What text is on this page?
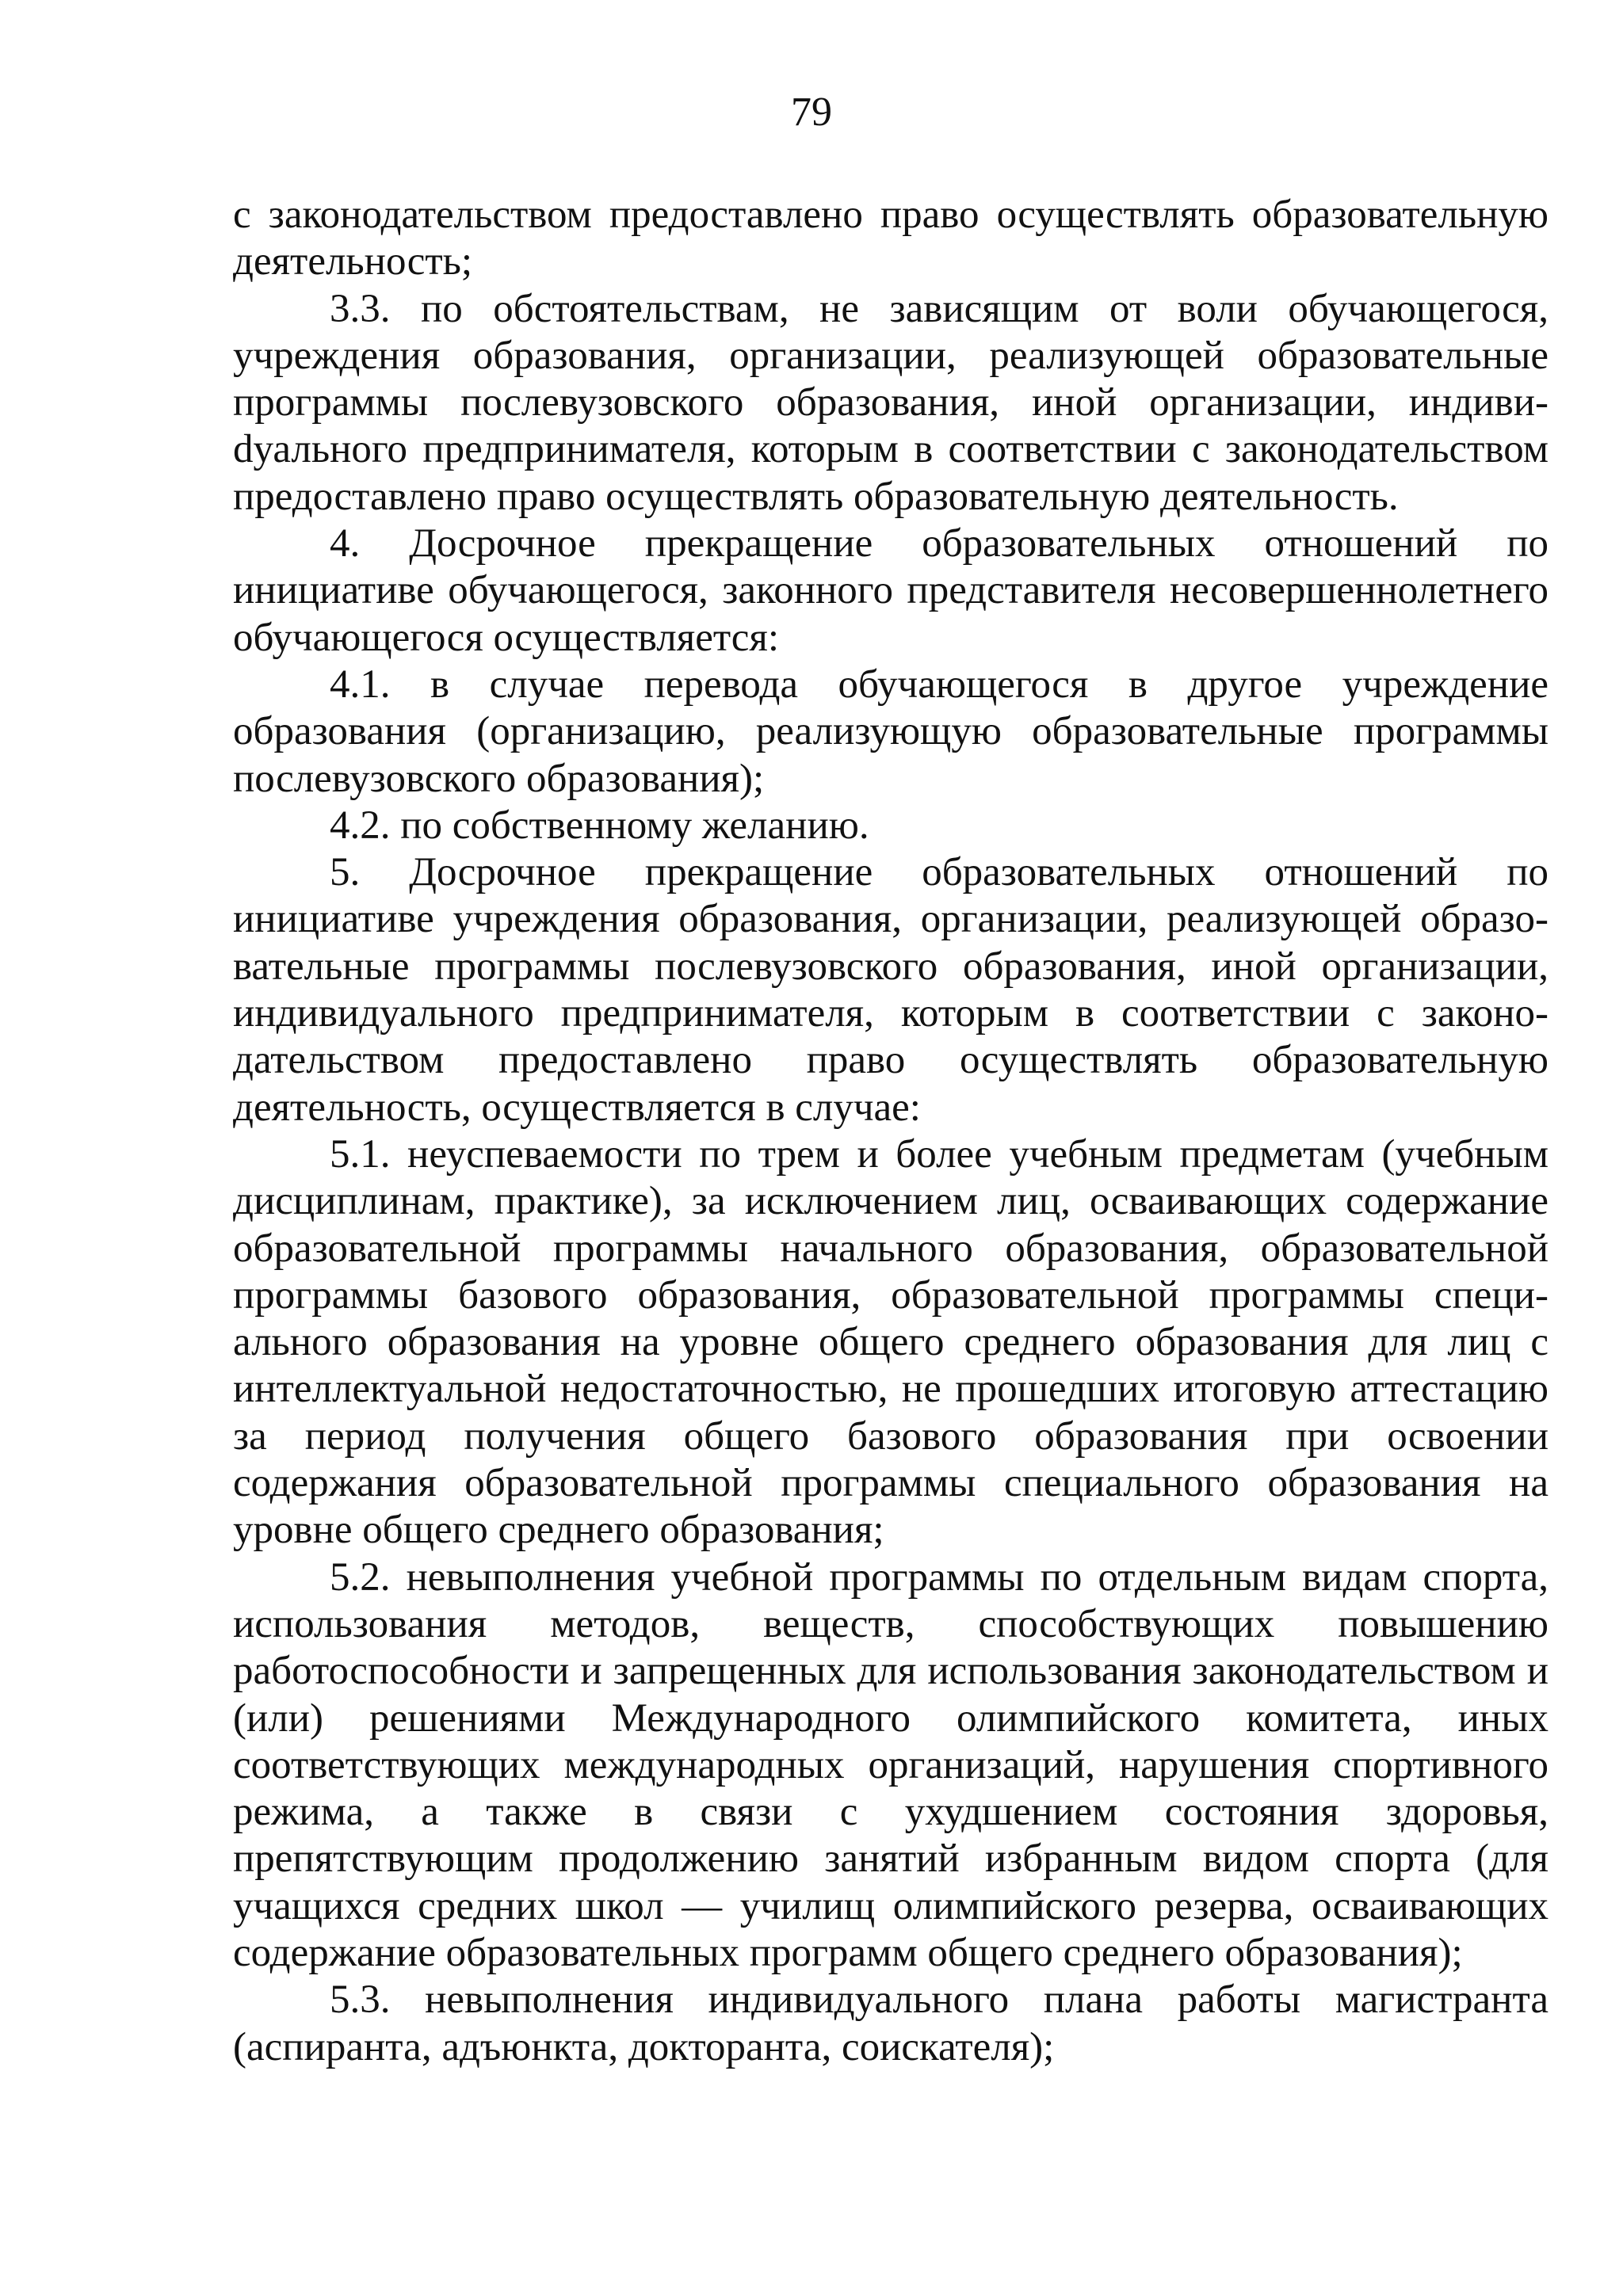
79

с законодательством предоставлено право осуществлять образовательную деятельность;

3.3. по обстоятельствам, не зависящим от воли обучающегося, учреждения образования, организации, реализующей образовательные программы послевузовского образования, иной организации, индивиdуального предпринимателя, которым в соответствии с законодательством предоставлено право осуществлять образовательную деятельность.

4. Досрочное прекращение образовательных отношений по инициативе обучающегося, законного представителя несовершеннолетнего обучающегося осуществляется:

4.1. в случае перевода обучающегося в другое учреждение образования (организацию, реализующую образовательные программы послевузовского образования);

4.2. по собственному желанию.

5. Досрочное прекращение образовательных отношений по инициативе учреждения образования, организации, реализующей образовательные программы послевузовского образования, иной организации, индивидуального предпринимателя, которым в соответствии с законодательством предоставлено право осуществлять образовательную деятельность, осуществляется в случае:

5.1. неуспеваемости по трем и более учебным предметам (учебным дисциплинам, практике), за исключением лиц, осваивающих содержание образовательной программы начального образования, образовательной программы базового образования, образовательной программы специального образования на уровне общего среднего образования для лиц с интеллектуальной недостаточностью, не прошедших итоговую аттестацию за период получения общего базового образования при освоении содержания образовательной программы специального образования на уровне общего среднего образования;

5.2. невыполнения учебной программы по отдельным видам спорта, использования методов, веществ, способствующих повышению работоспособности и запрещенных для использования законодательством и (или) решениями Международного олимпийского комитета, иных соответствующих международных организаций, нарушения спортивного режима, а также в связи с ухудшением состояния здоровья, препятствующим продолжению занятий избранным видом спорта (для учащихся средних школ — училищ олимпийского резерва, осваивающих содержание образовательных программ общего среднего образования);

5.3. невыполнения индивидуального плана работы магистранта (аспиранта, адъюнкта, докторанта, соискателя);
